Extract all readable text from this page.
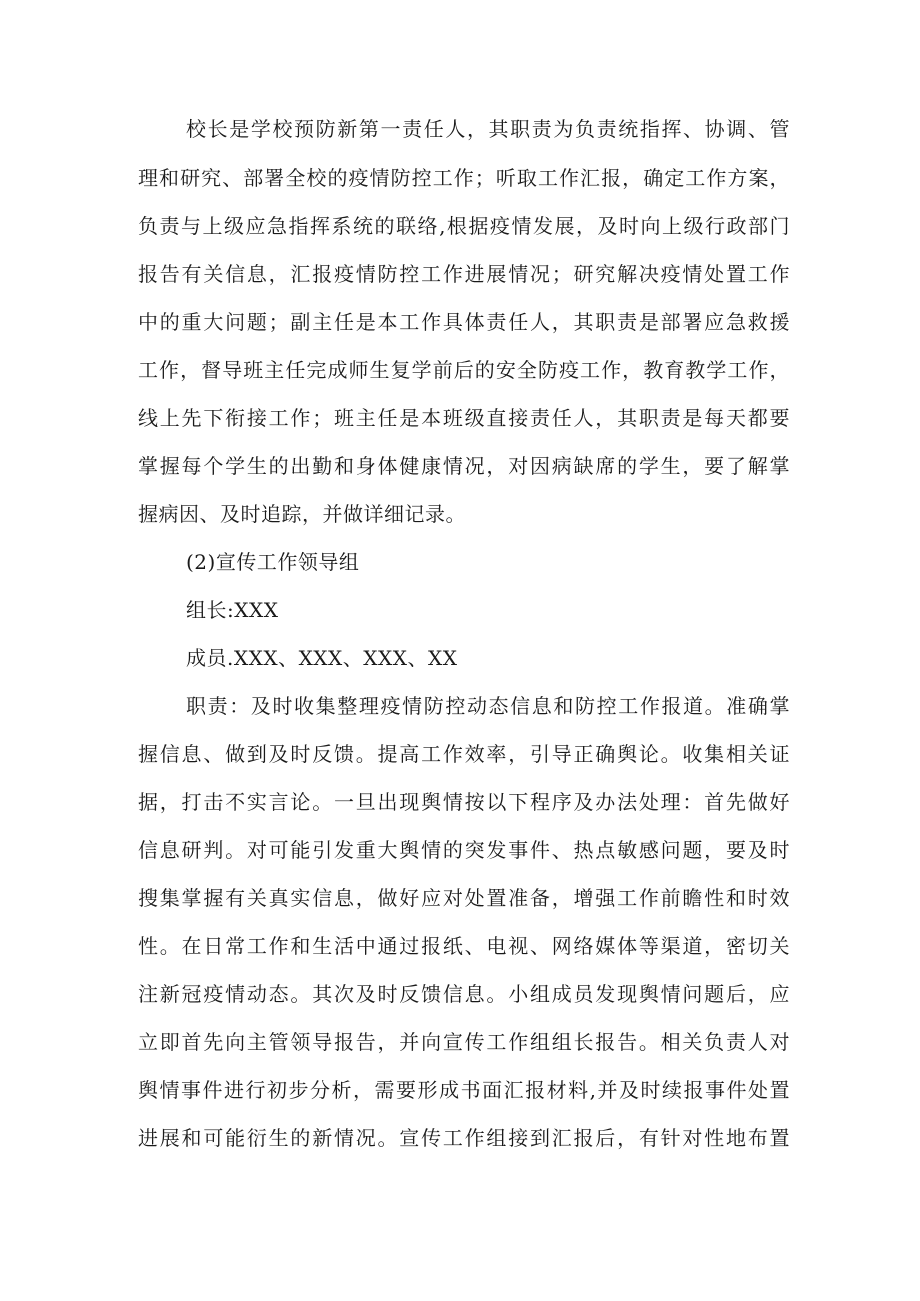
校长是学校预防新第一责任人，其职责为负责统指挥、协调、管
理和研究、部署全校的疫情防控工作；听取工作汇报，确定工作方案，
负责与上级应急指挥系统的联络,根据疫情发展，及时向上级行政部门
报告有关信息，汇报疫情防控工作进展情况；研究解决疫情处置工作
中的重大问题；副主任是本工作具体责任人，其职责是部署应急救援
工作，督导班主任完成师生复学前后的安全防疫工作，教育教学工作，
线上先下衔接工作；班主任是本班级直接责任人，其职责是每天都要
掌握每个学生的出勤和身体健康情况，对因病缺席的学生，要了解掌
握病因、及时追踪，并做详细记录。
(2)宣传工作领导组
组长:XXX
成员.XXX、XXX、XXX、XX
职责：及时收集整理疫情防控动态信息和防控工作报道。准确掌
握信息、做到及时反馈。提高工作效率，引导正确舆论。收集相关证
据，打击不实言论。一旦出现舆情按以下程序及办法处理：首先做好
信息研判。对可能引发重大舆情的突发事件、热点敏感问题，要及时
搜集掌握有关真实信息，做好应对处置准备，增强工作前瞻性和时效
性。在日常工作和生活中通过报纸、电视、网络媒体等渠道，密切关
注新冠疫情动态。其次及时反馈信息。小组成员发现舆情问题后，应
立即首先向主管领导报告，并向宣传工作组组长报告。相关负责人对
舆情事件进行初步分析，需要形成书面汇报材料,并及时续报事件处置
进展和可能衍生的新情况。宣传工作组接到汇报后，有针对性地布置
